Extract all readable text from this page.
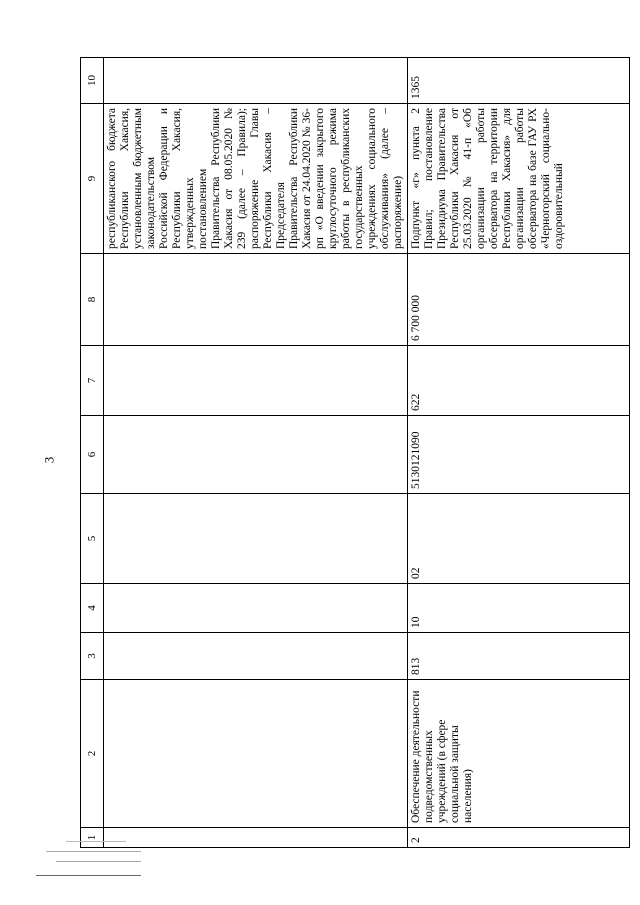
3
1	2	3	4	5	6	7	8	9	10
								республиканского бюджета Республики Хакасия, установленным бюджетным законодательством Российской Федерации и Республики Хакасия, утвержденных постановлением Правительства Республики Хакасия от 08.05.2020 № 239 (далее – Правила); распоряжение Главы Республики Хакасия – Председателя Правительства Республики Хакасия от 24.04.2020 № 36-рп «О введении закрытого круглосуточного режима работы в республиканских государственных учреждениях социального обслуживания» (далее – распоряжение)	
2	Обеспечение деятельности подведомственных учреждений (в сфере социальной защиты населения)	813	10	02	5130121090	622	6 700 000	Подпункт «г» пункта 2 Правил; постановление Президиума Правительства Республики Хакасия от 25.03.2020 № 41-п «Об организации работы обсерватора на территории Республики Хакасия» для организации работы обсерватора на базе ГАУ РХ «Черногорский социально-оздоровительный	1365
